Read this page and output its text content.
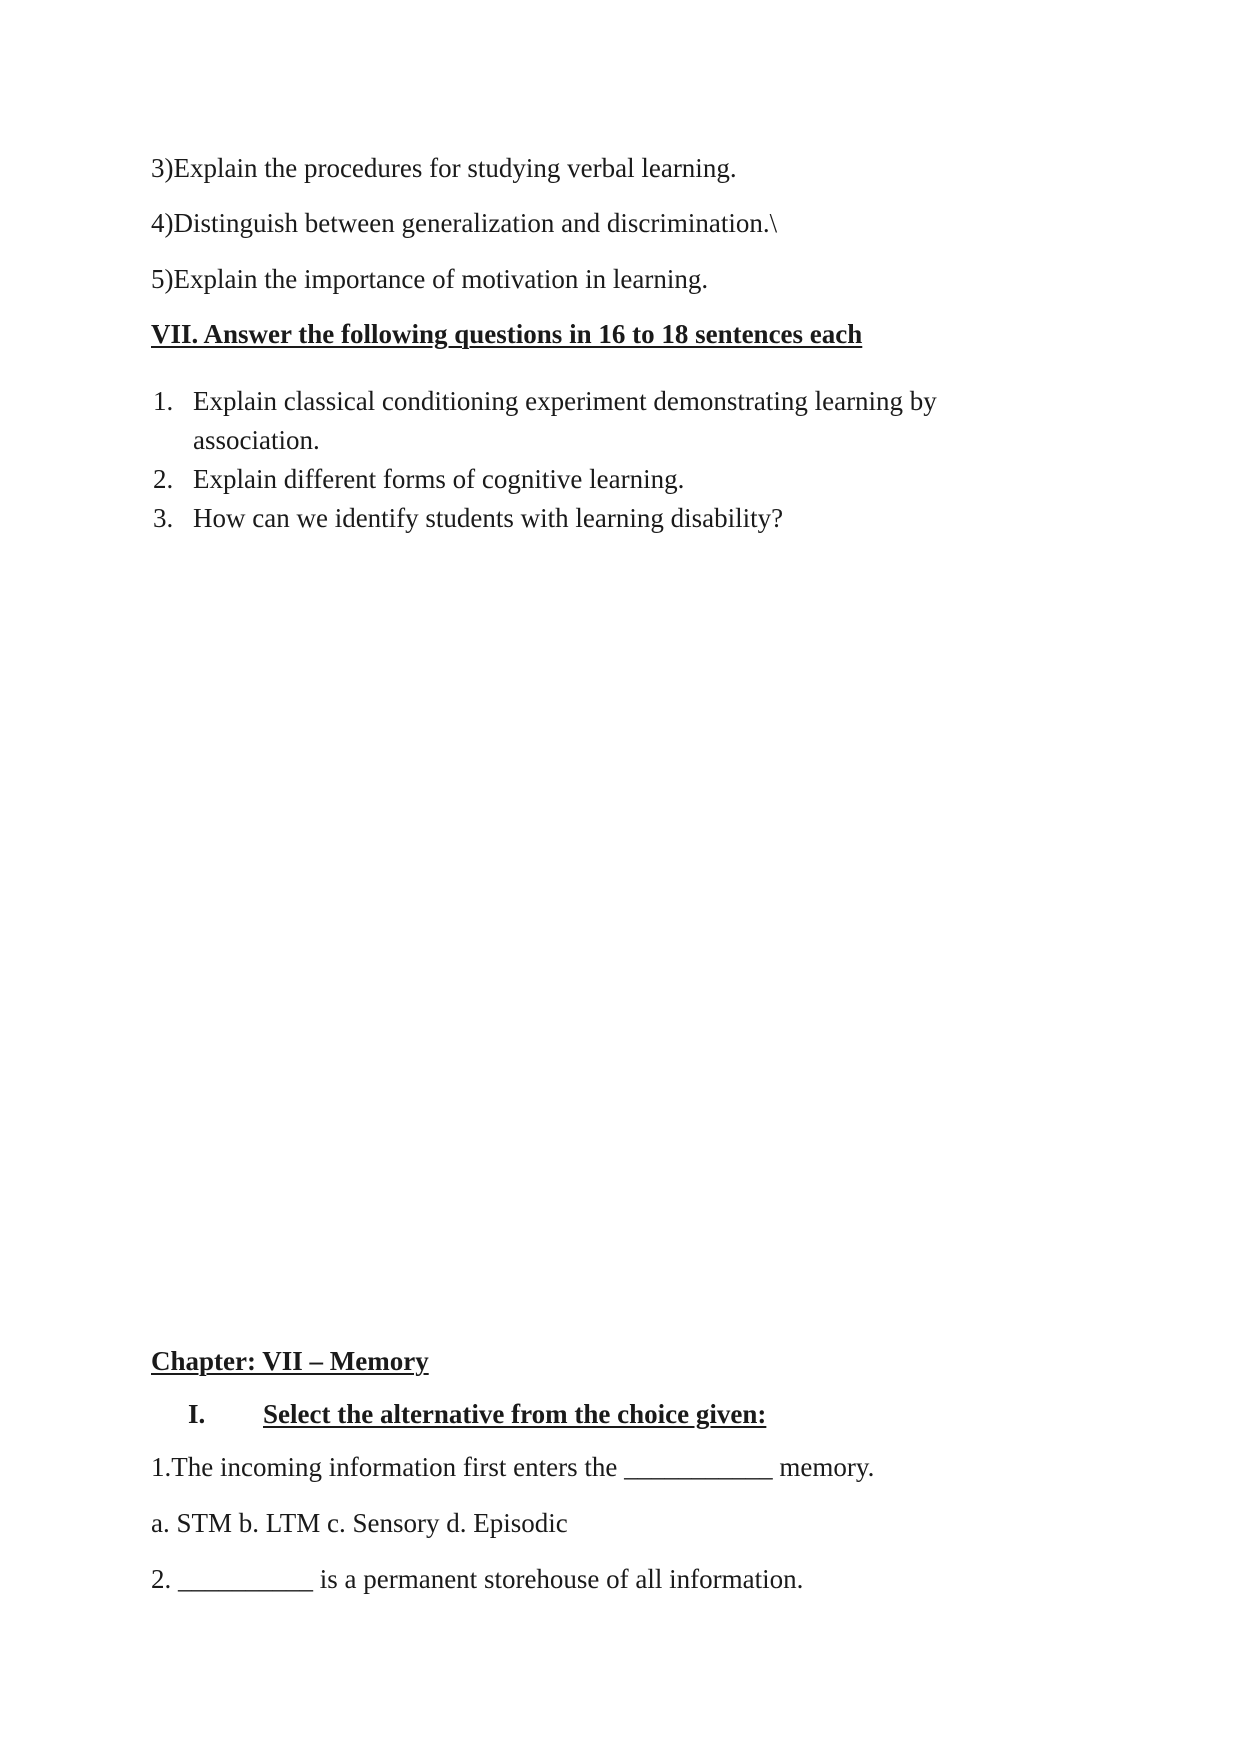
3)Explain the procedures for studying verbal learning.
4)Distinguish between generalization and discrimination.\
5)Explain the importance of motivation in learning.
VII. Answer the following questions in 16 to 18 sentences each
1. Explain classical conditioning experiment demonstrating learning by
association.
2. Explain different forms of cognitive learning.
3. How can we identify students with learning disability?
Chapter: VII – Memory
I. Select the alternative from the choice given:
1.The incoming information first enters the ___________ memory.
a. STM b. LTM c. Sensory d. Episodic
2. __________ is a permanent storehouse of all information.
